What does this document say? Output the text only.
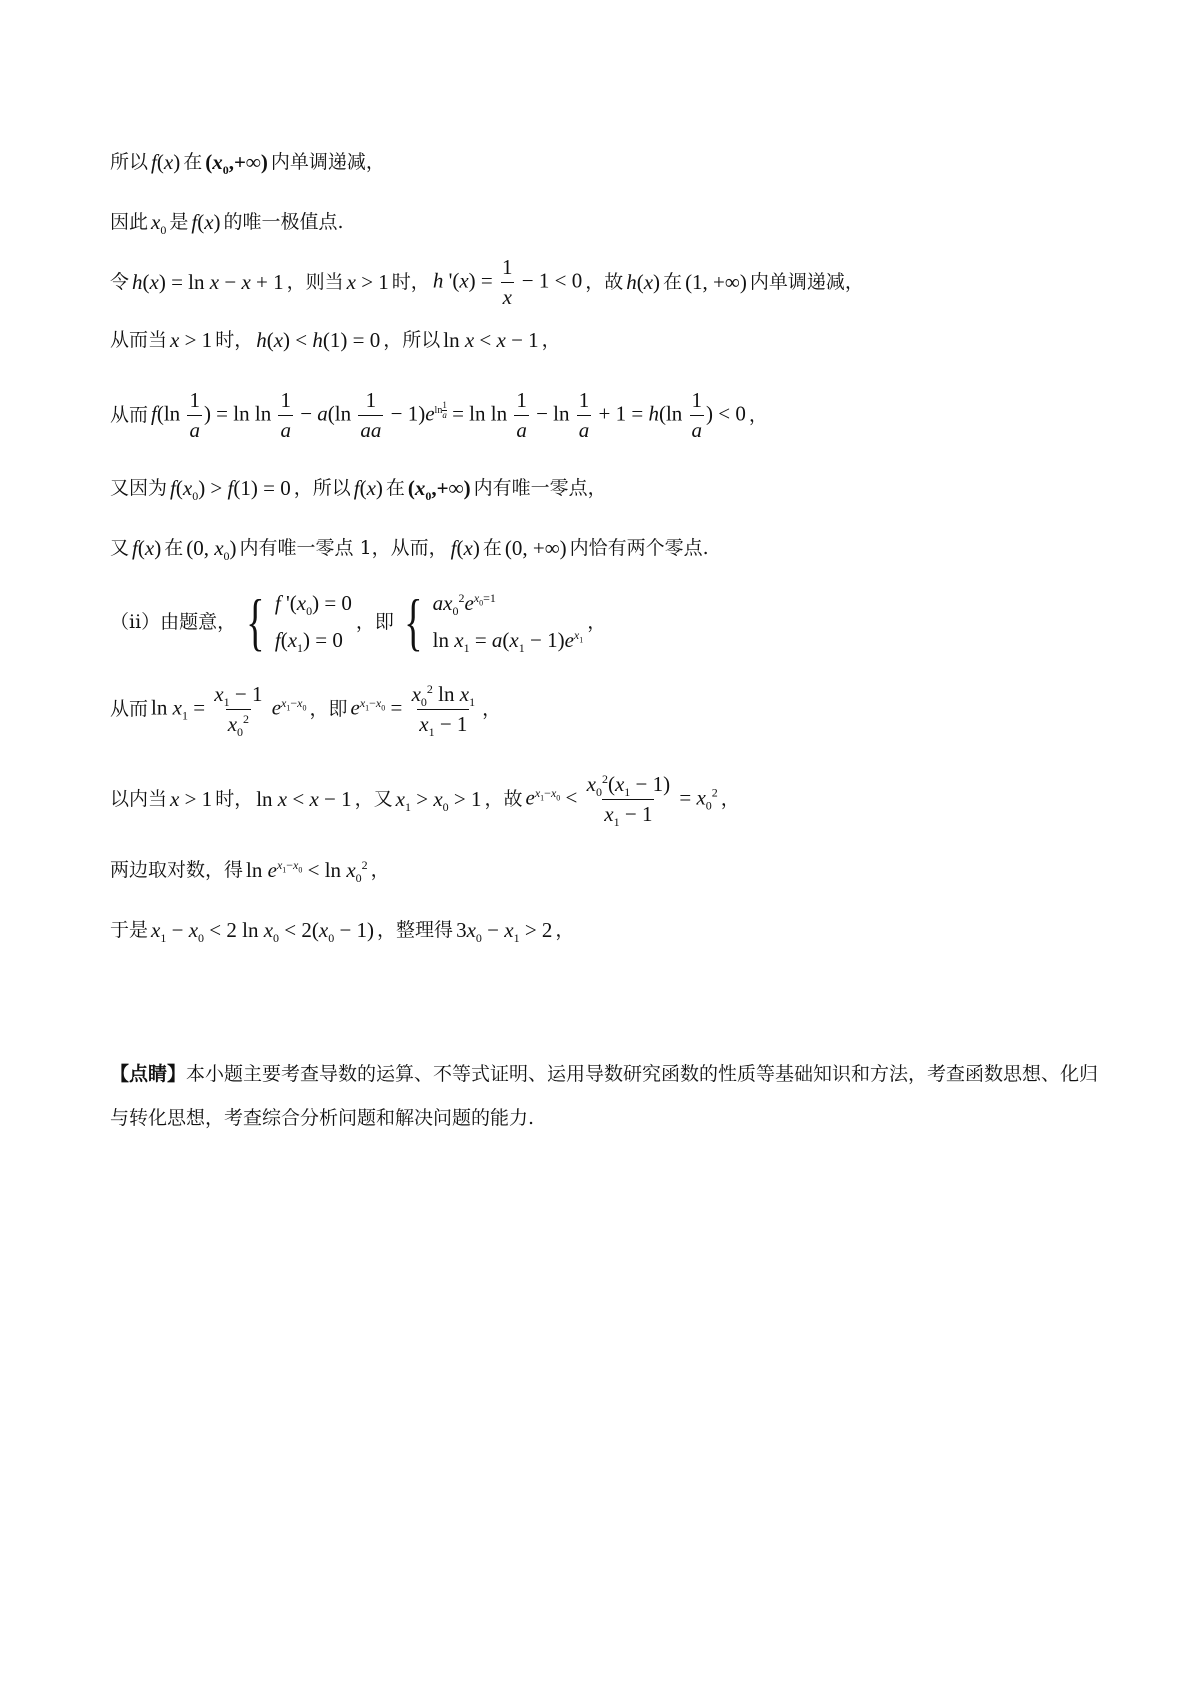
所以 f(x) 在 $(x_0,+\infty)$ 内单调递减，
因此 $x_0$ 是 f(x) 的唯一极值点.
令 h(x) = ln x − x + 1 ，则当 x > 1 时， h '$(x) = \frac{1}{x} - 1 < 0$ ，故 h(x) 在 (1, +∞) 内单调递减，
从而当 x > 1 时， h(x) < h(1) = 0 ，所以 ln x < x − 1 ，
从而 $f(\ln \frac{1}{a}$ ) = $\ln \ln \frac{1}{a} - a(\ln \frac{1}{aa} - 1)e^{ln \frac{1}{a}} = \ln \ln \frac{1}{a} - \ln \frac{1}{a} + 1 = h(\ln \frac{1}{a}$ ) < 0 ，
又因为 $f(x_0) > f(1) = 0$ ，所以 f(x) 在 $(x_0,+\infty)$ 内有唯一零点，
又 f(x) 在 (0, $x_0$) 内有唯一零点 1，从而， f(x) 在 (0, +∞) 内恰有两个零点.
（ii）由题意， { f '$(x_0) = 0$
$f(x_1) = 0$
，即 { $ax_0^2e^{x_0=1}$
$\ln x_1 = a(x_1 - 1)e^{x_1}$
，
从而 $\ln x_1 = \frac{x_1 - 1}{x_0^2} e^{x_1-x_0}$ ，即 $e^{x_1-x_0} = \frac{x_0^2 \ln x_1}{x_1 - 1}$ ，
以内当 x > 1 时， ln x < x − 1 ，又 $x_1 > x_0 > 1$ ，故 $e^{x_1-x_0} < \frac{x_0^2(x_1 - 1)}{x_1 - 1} = x_0^2$ ，
两边取对数，得 $\ln e^{x_1-x_0} < \ln x_0^2$ ，
于是 $x_1 - x_0 < 2$ $\ln x_0 < 2(x_0 - 1)$ ，整理得 $3x_0 - x_1 > 2$ ，
【点睛】本小题主要考查导数的运算、不等式证明、运用导数研究函数的性质等基础知识和方法，考查函数思想、化归与转化思想，考查综合分析问题和解决问题的能力.
